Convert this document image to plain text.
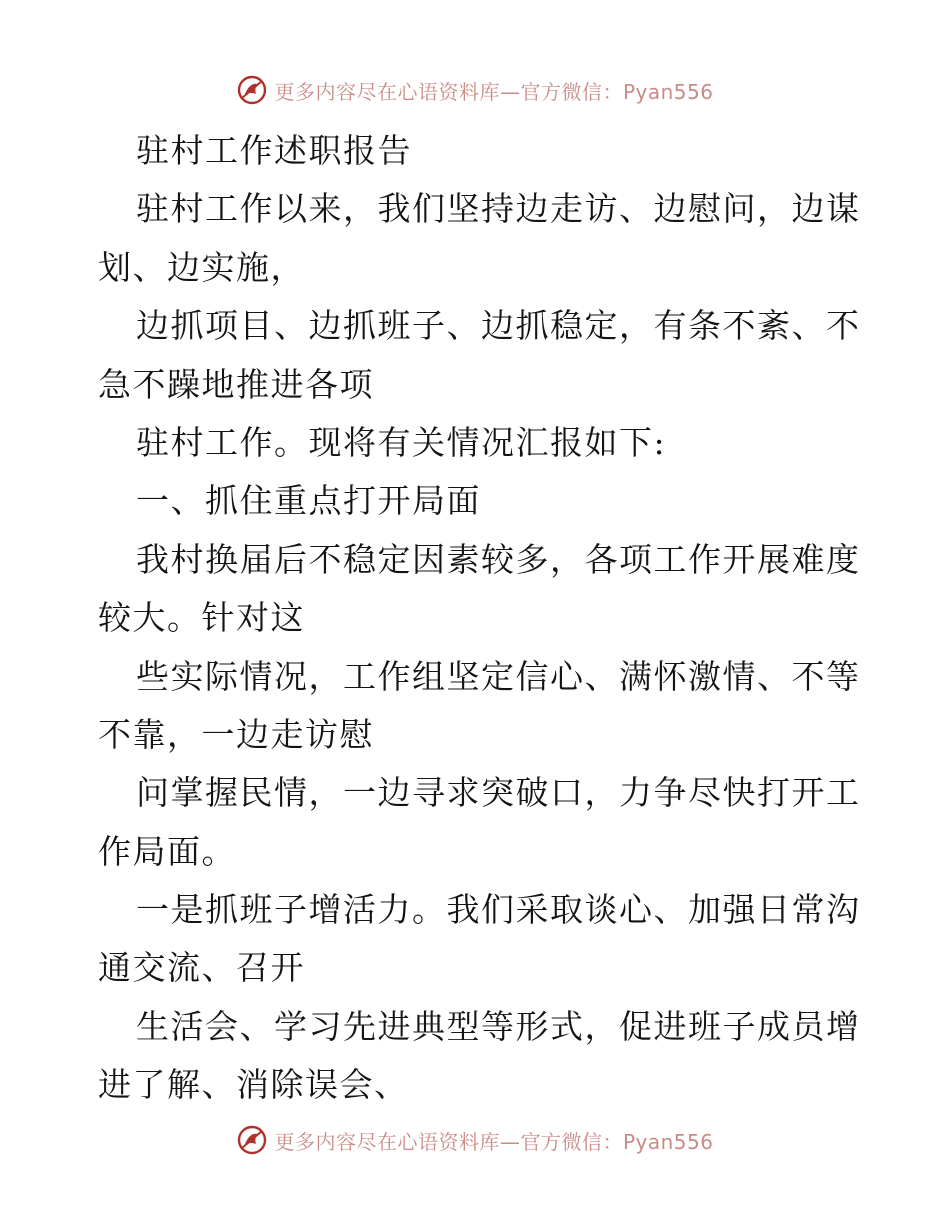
更多内容尽在心语资料库—官方微信：Pyan556
驻村工作述职报告
驻村工作以来，我们坚持边走访、边慰问，边谋
划、边实施，
边抓项目、边抓班子、边抓稳定，有条不紊、不
急不躁地推进各项
驻村工作。现将有关情况汇报如下:
一、抓住重点打开局面
我村换届后不稳定因素较多，各项工作开展难度
较大。针对这
些实际情况，工作组坚定信心、满怀激情、不等
不靠，一边走访慰
问掌握民情，一边寻求突破口，力争尽快打开工
作局面。
一是抓班子增活力。我们采取谈心、加强日常沟
通交流、召开
生活会、学习先进典型等形式，促进班子成员增
进了解、消除误会、
更多内容尽在心语资料库—官方微信：Pyan556
